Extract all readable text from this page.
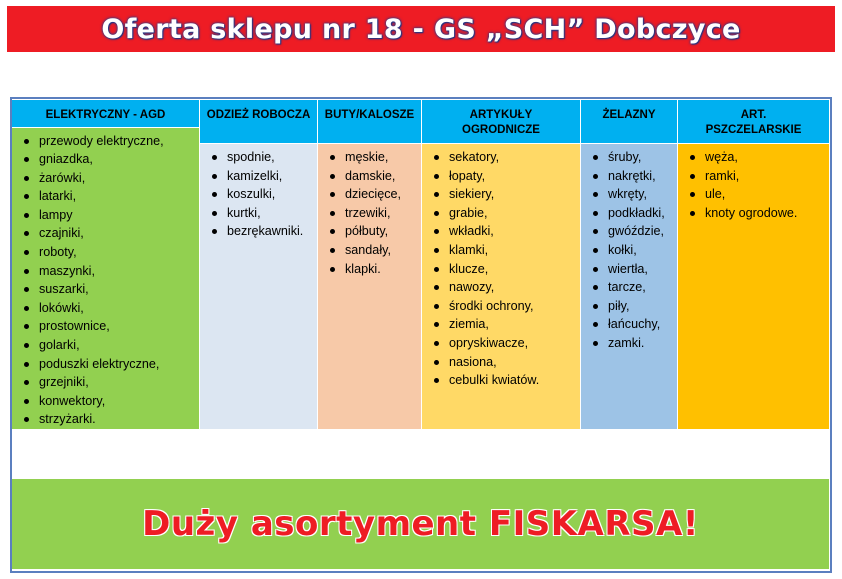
Oferta sklepu nr 18 - GS „SCH” Dobczyce
ELEKTRYCZNY - AGD
przewody elektryczne,
gniazdka,
żarówki,
latarki,
lampy
czajniki,
roboty,
maszynki,
suszarki,
lokówki,
prostownice,
golarki,
poduszki elektryczne,
grzejniki,
konwektory,
strzyżarki.
ODZIEŻ ROBOCZA
spodnie,
kamizelki,
koszulki,
kurtki,
bezrękawniki.
BUTY/KALOSZE
męskie,
damskie,
dziecięce,
trzewiki,
półbuty,
sandały,
klapki.
ARTYKUŁY
OGRODNICZE
sekatory,
łopaty,
siekiery,
grabie,
wkładki,
klamki,
klucze,
nawozy,
środki ochrony,
ziemia,
opryskiwacze,
nasiona,
cebulki kwiatów.
ŻELAZNY
śruby,
nakrętki,
wkręty,
podkładki,
gwóździe,
kołki,
wiertła,
tarcze,
piły,
łańcuchy,
zamki.
ART.
PSZCZELARSKIE
węża,
ramki,
ule,
knoty ogrodowe.
Duży asortyment FISKARSA!
